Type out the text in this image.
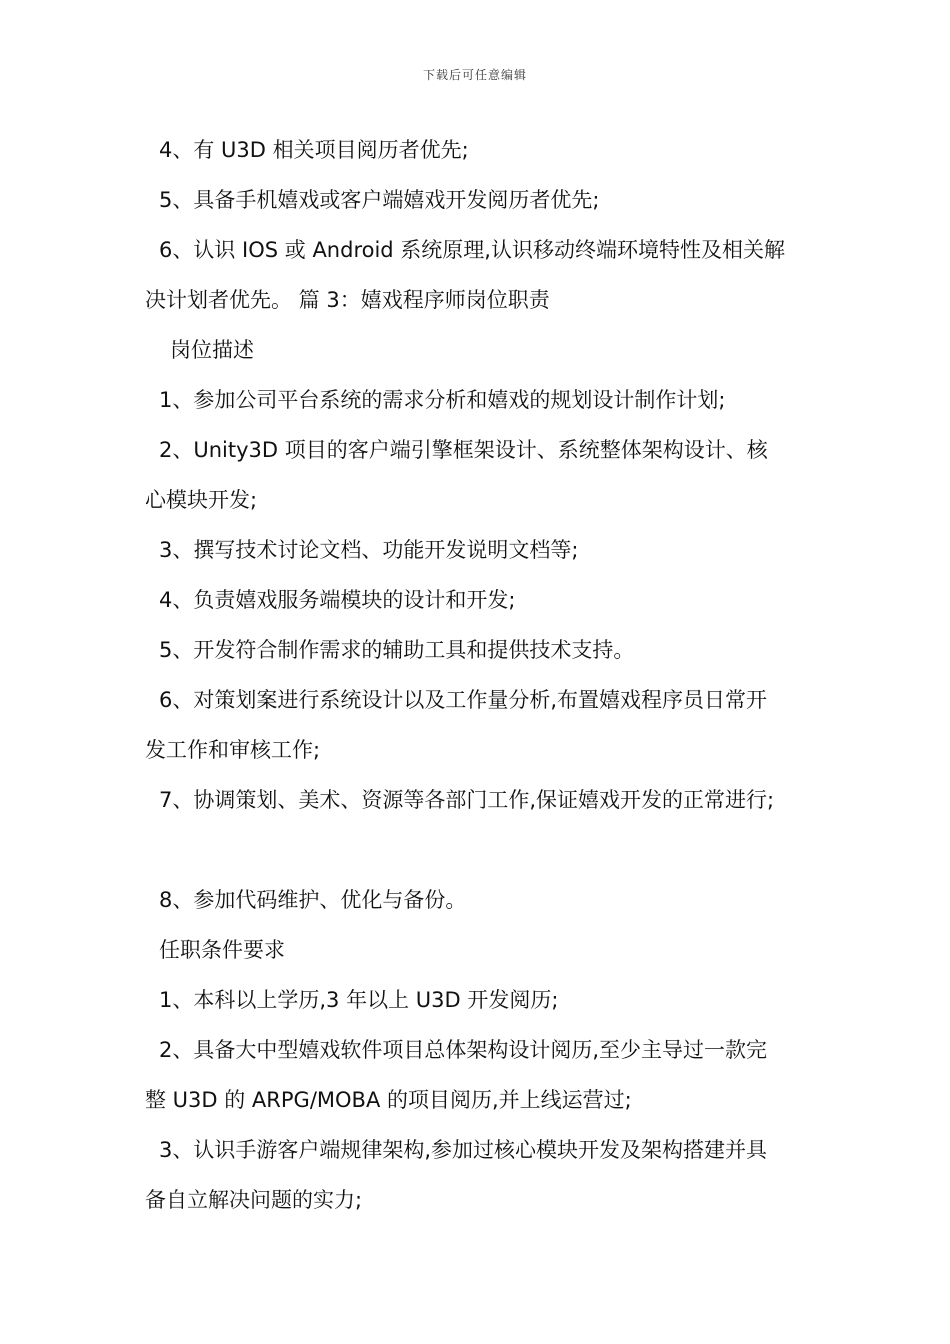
下载后可任意编辑
4、有 U3D 相关项目阅历者优先;
5、具备手机嬉戏或客户端嬉戏开发阅历者优先;
6、认识 IOS 或 Android 系统原理,认识移动终端环境特性及相关解
决计划者优先。 篇 3：嬉戏程序师岗位职责
岗位描述
1、参加公司平台系统的需求分析和嬉戏的规划设计制作计划;
2、Unity3D 项目的客户端引擎框架设计、系统整体架构设计、核
心模块开发;
3、撰写技术讨论文档、功能开发说明文档等;
4、负责嬉戏服务端模块的设计和开发;
5、开发符合制作需求的辅助工具和提供技术支持。
6、对策划案进行系统设计以及工作量分析,布置嬉戏程序员日常开
发工作和审核工作;
7、协调策划、美术、资源等各部门工作,保证嬉戏开发的正常进行;
8、参加代码维护、优化与备份。
任职条件要求
1、本科以上学历,3 年以上 U3D 开发阅历;
2、具备大中型嬉戏软件项目总体架构设计阅历,至少主导过一款完
整 U3D 的 ARPG/MOBA 的项目阅历,并上线运营过;
3、认识手游客户端规律架构,参加过核心模块开发及架构搭建并具
备自立解决问题的实力;
